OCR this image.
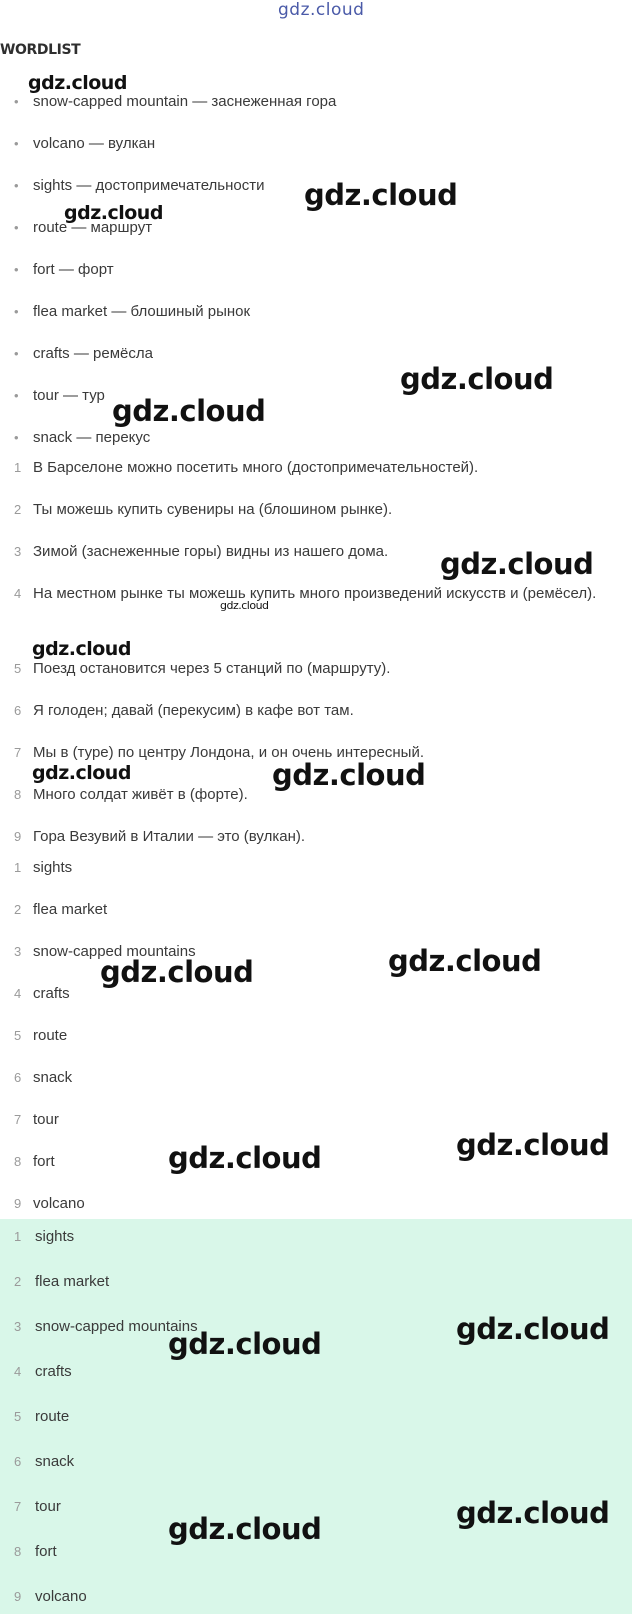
gdz.cloud
WORDLIST
• snow-capped mountain — заснеженная гора
• volcano — вулкан
• sights — достопримечательности
• route — маршрут
• fort — форт
• flea market — блошиный рынок
• crafts — ремёсла
• tour — тур
• snack — перекус
1 В Барселоне можно посетить много (достопримечательностей).
2 Ты можешь купить сувениры на (блошином рынке).
3 Зимой (заснеженные горы) видны из нашего дома.
4 На местном рынке ты можешь купить много произведений искусств и (ремёсел).
5 Поезд остановится через 5 станций по (маршруту).
6 Я голоден; давай (перекусим) в кафе вот там.
7 Мы в (туре) по центру Лондона, и он очень интересный.
8 Много солдат живёт в (форте).
9 Гора Везувий в Италии — это (вулкан).
1 sights
2 flea market
3 snow-capped mountains
4 crafts
5 route
6 snack
7 tour
8 fort
9 volcano
1 sights
2 flea market
3 snow-capped mountains
4 crafts
5 route
6 snack
7 tour
8 fort
9 volcano
gdz.cloud
gdz.cloud
gdz.cloud
gdz.cloud
gdz.cloud
gdz.cloud
gdz.cloud
gdz.cloud
gdz.cloud	gdz.cloud
gdz.cloud
gdz.cloud
gdz.cloud
gdz.cloud
gdz.cloud
gdz.cloud
gdz.cloud
gdz.cloud
